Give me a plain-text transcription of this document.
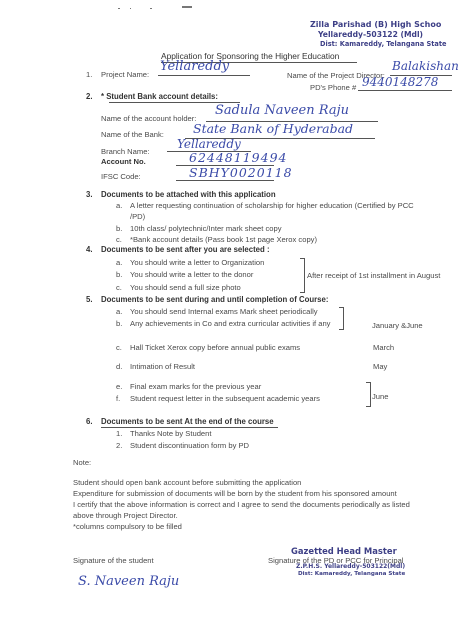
Zilla Parishad (B) High Schoo
Yellareddy-503122 (Mdl)
Dist: Kamareddy, Telangana State
Application for Sponsoring the Higher Education
1. Project Name:
Yellareddy
Name of the Project Director:
Balakishan
PD's Phone # 9440148278
2. * Student Bank account details:
Name of the account holder:
Sadula Naveen Raju
Name of the Bank: State Bank of Hyderabad
Branch Name:
Yellareddy
Account No.	62448119494
IFSC Code:	SBHY0020118
3. Documents to be attached with this application
a. A letter requesting continuation of scholarship for higher education (Certified by PCC
/PD)
b. 10th class/ polytechnic/Inter mark sheet copy
c. *Bank account details (Pass book 1st page Xerox copy)
4. Documents to be sent after you are selected :
a. You should write a letter to Organization
b. You should write a letter to the donor
c. You should send a full size photo
After receipt of 1st installment in August
5. Documents to be sent during and until completion of Course:
a. You should send Internal exams Mark sheet periodically
b. Any achievements in Co and extra curricular activities if any	January &June
c. Hall Ticket Xerox copy before annual public exams	March
d. Intimation of Result	May
e. Final exam marks for the previous year
f. Student request letter in the subsequent academic years	June
6. Documents to be sent At the end of the course
1. Thanks Note by Student
2. Student discontinuation form by PD
Note:
Student should open bank account before submitting the application
Expenditure for submission of documents will be born by the student from his sponsored amount
I certify that the above information is correct and I agree to send the documents periodically as listed
above through Project Director.
*columns compulsory to be filled
Signature of the student
S. Naveen Raju
Gazetted Head Master
Signature of the PD or PCC for Principal
Z.P.H.S. Yellareddy-503122(Mdl)
Dist: Kamareddy, Telangana State
